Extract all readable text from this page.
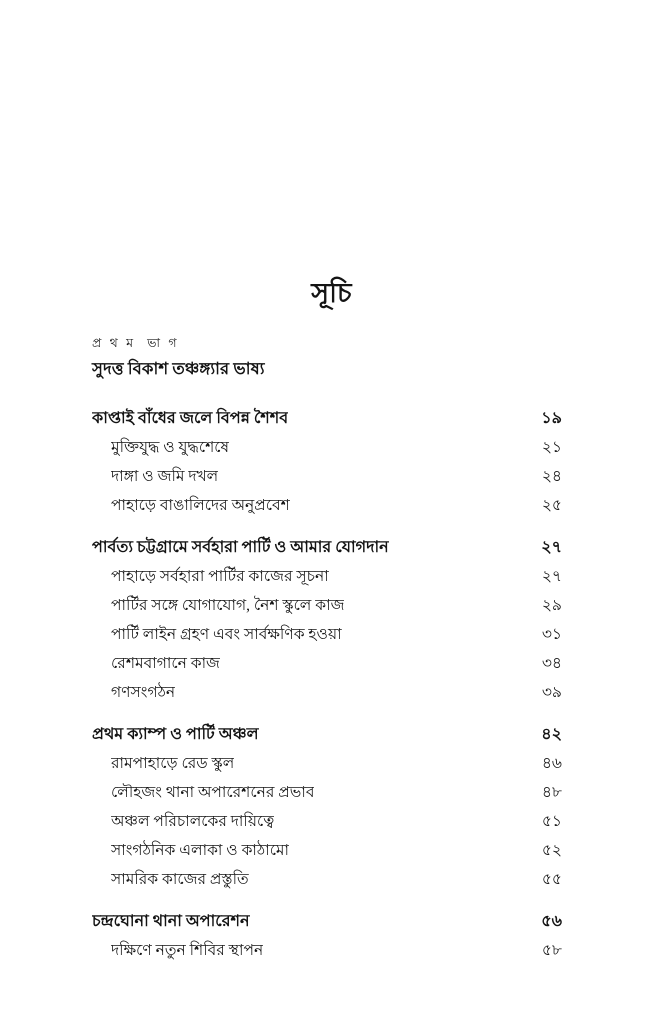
সূচি
প্র থ ম  ভা গ
সুদত্ত বিকাশ তঞ্চঙ্গ্যার ভাষ্য
কাপ্তাই বাঁধের জলে বিপন্ন শৈশব	১৯
মুক্তিযুদ্ধ ও যুদ্ধশেষে	২১
দাঙ্গা ও জমি দখল	২৪
পাহাড়ে বাঙালিদের অনুপ্রবেশ	২৫
পার্বত্য চট্টগ্রামে সর্বহারা পার্টি ও আমার যোগদান	২৭
পাহাড়ে সর্বহারা পার্টির কাজের সূচনা	২৭
পার্টির সঙ্গে যোগাযোগ, নৈশ স্কুলে কাজ	২৯
পার্টি লাইন গ্রহণ এবং সার্বক্ষণিক হওয়া	৩১
রেশমবাগানে কাজ	৩৪
গণসংগঠন	৩৯
প্রথম ক্যাম্প ও পার্টি অঞ্চল	৪২
রামপাহাড়ে রেড স্কুল	৪৬
লৌহজং থানা অপারেশনের প্রভাব	৪৮
অঞ্চল পরিচালকের দায়িত্বে	৫১
সাংগঠনিক এলাকা ও কাঠামো	৫২
সামরিক কাজের প্রস্তুতি	৫৫
চন্দ্রঘোনা থানা অপারেশন	৫৬
দক্ষিণে নতুন শিবির স্থাপন	৫৮
